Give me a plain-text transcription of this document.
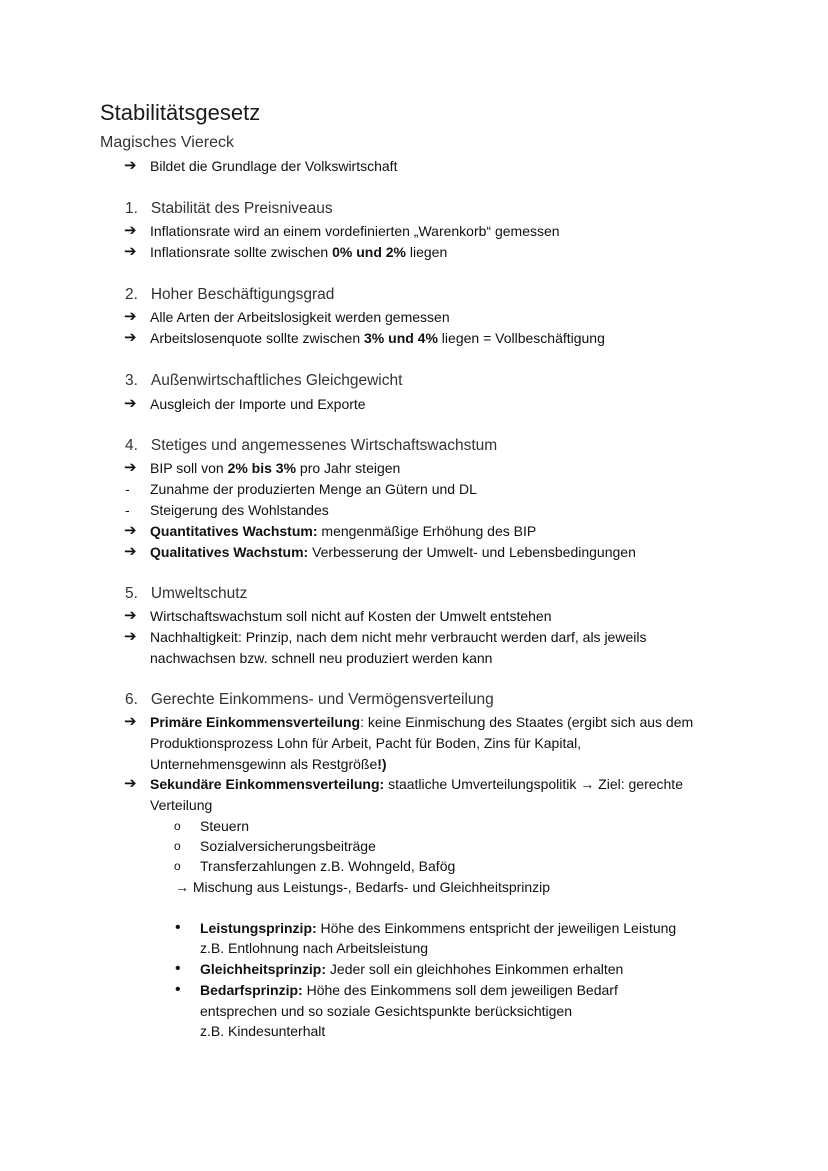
Stabilitätsgesetz
Magisches Viereck
➔ Bildet die Grundlage der Volkswirtschaft
1. Stabilität des Preisniveaus
➔ Inflationsrate wird an einem vordefinierten „Warenkorb“ gemessen
➔ Inflationsrate sollte zwischen 0% und 2% liegen
2. Hoher Beschäftigungsgrad
➔ Alle Arten der Arbeitslosigkeit werden gemessen
➔ Arbeitslosenquote sollte zwischen 3% und 4% liegen = Vollbeschäftigung
3. Außenwirtschaftliches Gleichgewicht
➔ Ausgleich der Importe und Exporte
4. Stetiges und angemessenes Wirtschaftswachstum
➔ BIP soll von 2% bis 3% pro Jahr steigen
- Zunahme der produzierten Menge an Gütern und DL
- Steigerung des Wohlstandes
➔ Quantitatives Wachstum: mengenmäßige Erhöhung des BIP
➔ Qualitatives Wachstum: Verbesserung der Umwelt- und Lebensbedingungen
5. Umweltschutz
➔ Wirtschaftswachstum soll nicht auf Kosten der Umwelt entstehen
➔ Nachhaltigkeit: Prinzip, nach dem nicht mehr verbraucht werden darf, als jeweils
nachwachsen bzw. schnell neu produziert werden kann
6. Gerechte Einkommens- und Vermögensverteilung
➔ Primäre Einkommensverteilung: keine Einmischung des Staates (ergibt sich aus dem
Produktionsprozess Lohn für Arbeit, Pacht für Boden, Zins für Kapital,
Unternehmensgewinn als Restgröße!)
➔ Sekundäre Einkommensverteilung: staatliche Umverteilungspolitik → Ziel: gerechte
Verteilung
o Steuern
o Sozialversicherungsbeiträge
o Transferzahlungen z.B. Wohngeld, Bafög
→ Mischung aus Leistungs-, Bedarfs- und Gleichheitsprinzip
• Leistungsprinzip: Höhe des Einkommens entspricht der jeweiligen Leistung
z.B. Entlohnung nach Arbeitsleistung
• Gleichheitsprinzip: Jeder soll ein gleichhohes Einkommen erhalten
• Bedarfsprinzip: Höhe des Einkommens soll dem jeweiligen Bedarf
entsprechen und so soziale Gesichtspunkte berücksichtigen
z.B. Kindesunterhalt
